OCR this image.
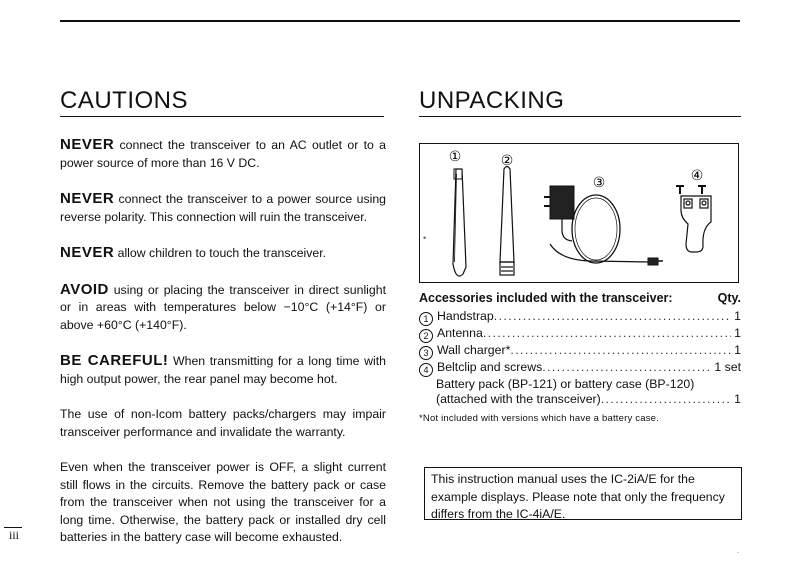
CAUTIONS

NEVER connect the transceiver to an AC outlet or to a power source of more than 16 V DC.

NEVER connect the transceiver to a power source using reverse polarity. This connection will ruin the transceiver.

NEVER allow children to touch the transceiver.

AVOID using or placing the transceiver in direct sunlight or in areas with temperatures below −10°C (+14°F) or above +60°C (+140°F).

BE CAREFUL! When transmitting for a long time with high output power, the rear panel may become hot.

The use of non-Icom battery packs/chargers may impair transceiver performance and invalidate the warranty.

Even when the transceiver power is OFF, a slight current still flows in the circuits. Remove the battery pack or case from the transceiver when not using the transceiver for a long time. Otherwise, the battery pack or installed dry cell batteries in the battery case will become exhausted.

UNPACKING
①	②
③	④
•
Accessories included with the transceiver:	Qty.
1 Handstrap . . .	1
2 Antenna . . .	1
3 Wall charger* . . .	1
4 Beltclip and screws . . .	1 set
Battery pack (BP-121) or battery case (BP-120)
(attached with the transceiver) . . .	1
*Not included with versions which have a battery case.
This instruction manual uses the IC-2iA/E for the example displays. Please note that only the frequency differs from the IC-4iA/E.
iii
.
